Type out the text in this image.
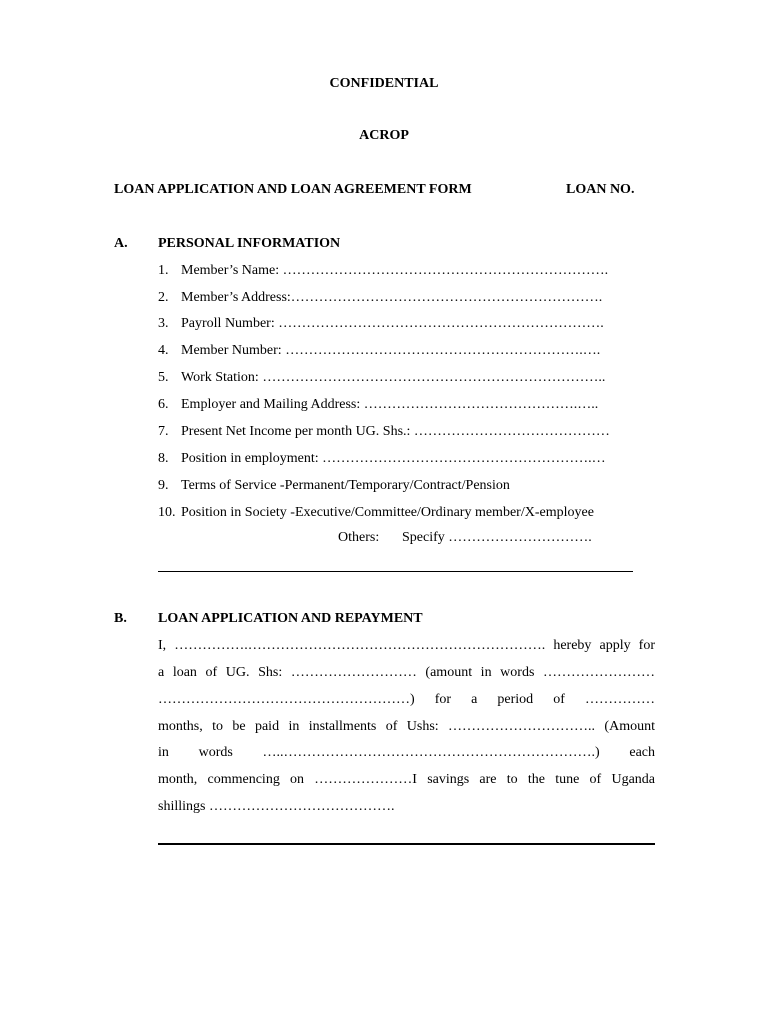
CONFIDENTIAL
ACROP
LOAN APPLICATION AND LOAN AGREEMENT FORM	LOAN NO.
A. PERSONAL INFORMATION
1. Member’s Name: …………………………………………………………….
2. Member’s Address:………………………………………………………….
3. Payroll Number: …………………………………………………………….
4. Member Number: ……………………………………………………….….
5. Work Station: ………………………………………………………………..
6. Employer and Mailing Address: ……………………………………….…..
7. Present Net Income per month UG. Shs.: ……………………………………
8. Position in employment: ………………………………………………….…
9. Terms of Service -Permanent/Temporary/Contract/Pension
10. Position in Society -Executive/Committee/Ordinary member/X-employee
Others: Specify ………………………….
B. LOAN APPLICATION AND REPAYMENT
I, …………….………………………………………………………. hereby apply for
a loan of UG. Shs: ……………………… (amount in words ……………………
………………………………………………) for a period of ……………
months, to be paid in installments of Ushs: ………………………….. (Amount
in words …..………………………………………………………….) each
month, commencing on …………………I savings are to the tune of Uganda
shillings ………………………………….
